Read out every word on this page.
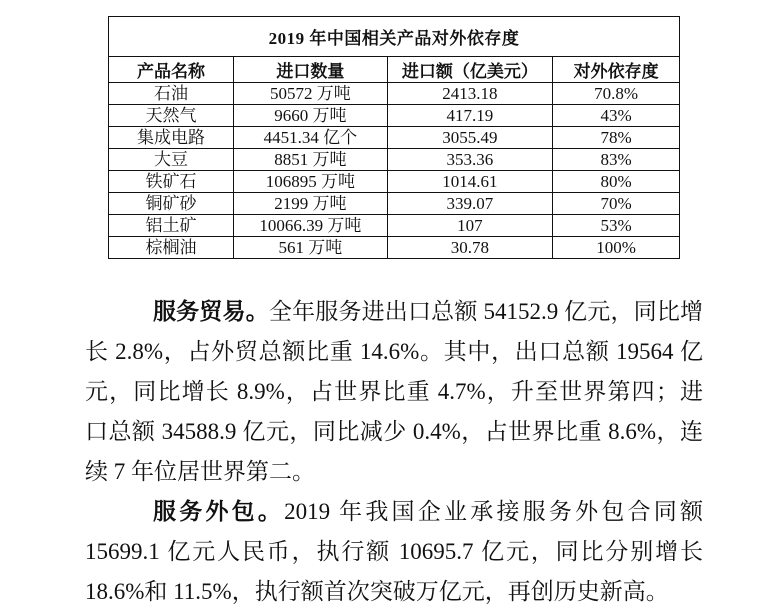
2019 年中国相关产品对外依存度			
产品名称	进口数量	进口额（亿美元）	对外依存度
石油	50572 万吨	2413.18	70.8%
天然气	9660 万吨	417.19	43%
集成电路	4451.34 亿个	3055.49	78%
大豆	8851 万吨	353.36	83%
铁矿石	106895 万吨	1014.61	80%
铜矿砂	2199 万吨	339.07	70%
铝土矿	10066.39 万吨	107	53%
棕榈油	561 万吨	30.78	100%
服务贸易。全年服务进出口总额 54152.9 亿元，同比增
长 2.8%，占外贸总额比重 14.6%。其中，出口总额 19564 亿
元，同比增长 8.9%，占世界比重 4.7%，升至世界第四；进
口总额 34588.9 亿元，同比减少 0.4%，占世界比重 8.6%，连
续 7 年位居世界第二。
服务外包。2019 年我国企业承接服务外包合同额
15699.1 亿元人民币，执行额 10695.7 亿元，同比分别增长
18.6%和 11.5%，执行额首次突破万亿元，再创历史新高。
